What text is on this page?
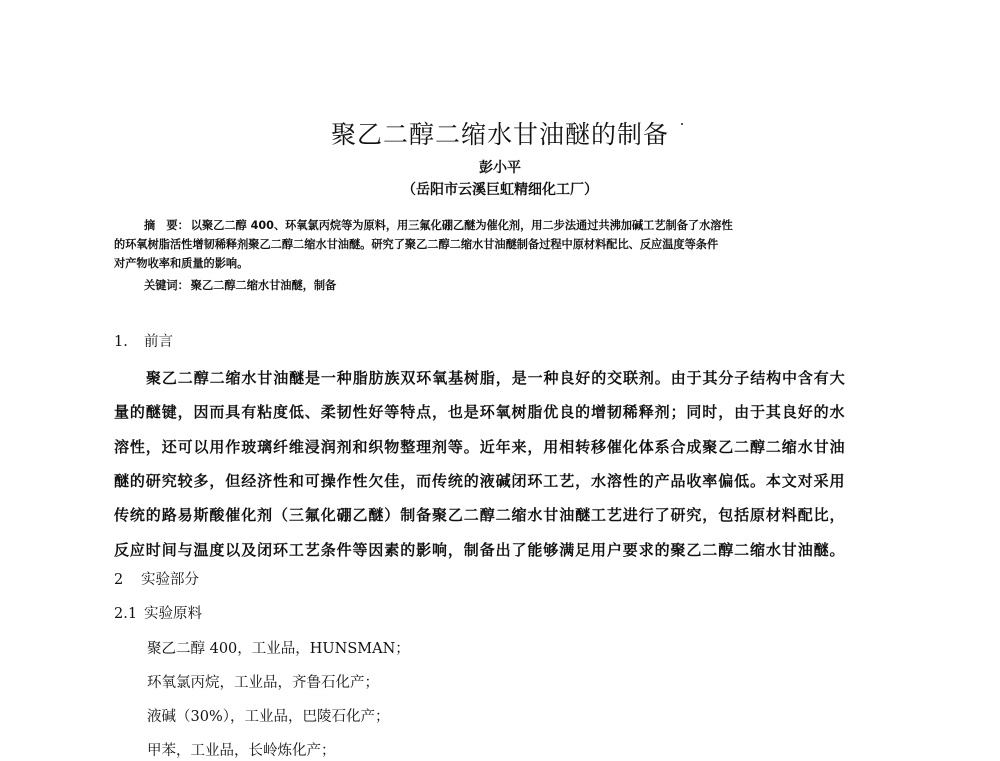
聚乙二醇二缩水甘油醚的制备
彭小平
（岳阳市云溪巨虹精细化工厂）
摘　要： 以聚乙二醇 400、环氧氯丙烷等为原料，用三氟化硼乙醚为催化剂，用二步法通过共沸加碱工艺制备了水溶性
的环氧树脂活性增韧稀释剂聚乙二醇二缩水甘油醚。研究了聚乙二醇二缩水甘油醚制备过程中原材料配比、反应温度等条件
对产物收率和质量的影响。
关键词： 聚乙二醇二缩水甘油醚，制备
1. 前言
聚乙二醇二缩水甘油醚是一种脂肪族双环氧基树脂，是一种良好的交联剂。由于其分子结构中含有大
量的醚键，因而具有粘度低、柔韧性好等特点，也是环氧树脂优良的增韧稀释剂；同时，由于其良好的水
溶性，还可以用作玻璃纤维浸润剂和织物整理剂等。近年来，用相转移催化体系合成聚乙二醇二缩水甘油
醚的研究较多，但经济性和可操作性欠佳，而传统的液碱闭环工艺，水溶性的产品收率偏低。本文对采用
传统的路易斯酸催化剂（三氟化硼乙醚）制备聚乙二醇二缩水甘油醚工艺进行了研究，包括原材料配比，
反应时间与温度以及闭环工艺条件等因素的影响，制备出了能够满足用户要求的聚乙二醇二缩水甘油醚。
2 实验部分
2.1 实验原料
聚乙二醇 400，工业品，HUNSMAN；
环氧氯丙烷，工业品，齐鲁石化产；
液碱（30%），工业品，巴陵石化产；
甲苯，工业品，长岭炼化产；
